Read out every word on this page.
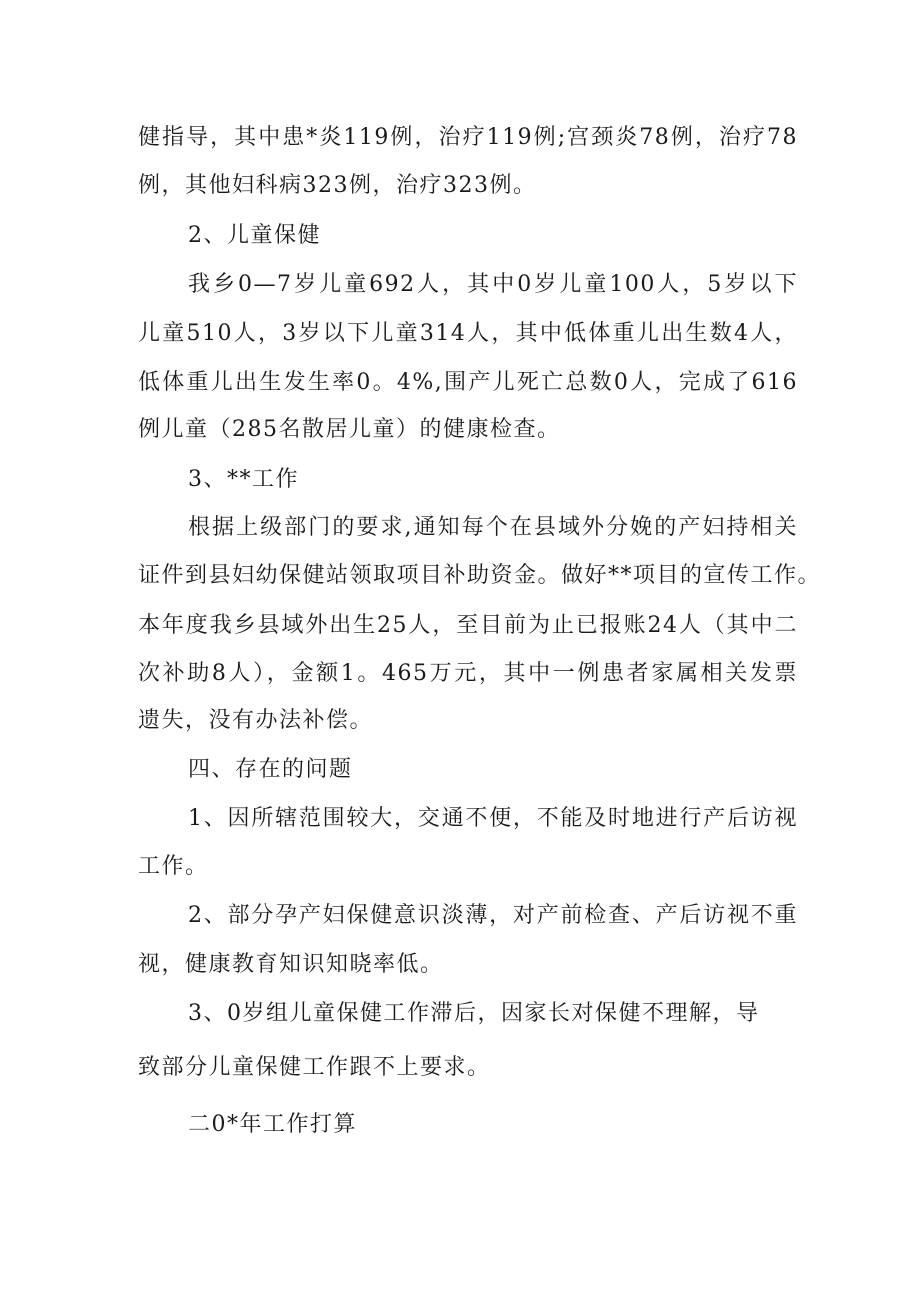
健指导，其中患*炎119例，治疗119例;宫颈炎78例，治疗78
例，其他妇科病323例，治疗323例。
2、儿童保健
我乡0—7岁儿童692人，其中0岁儿童100人，5岁以下
儿童510人，3岁以下儿童314人，其中低体重儿出生数4人，
低体重儿出生发生率0。4%,围产儿死亡总数0人，完成了616
例儿童（285名散居儿童）的健康检查。
3、**工作
根据上级部门的要求,通知每个在县域外分娩的产妇持相关
证件到县妇幼保健站领取项目补助资金。做好**项目的宣传工作。
本年度我乡县域外出生25人，至目前为止已报账24人（其中二
次补助8人），金额1。465万元，其中一例患者家属相关发票
遗失，没有办法补偿。
四、存在的问题
1、因所辖范围较大，交通不便，不能及时地进行产后访视
工作。
2、部分孕产妇保健意识淡薄，对产前检查、产后访视不重
视，健康教育知识知晓率低。
3、0岁组儿童保健工作滞后，因家长对保健不理解，导
致部分儿童保健工作跟不上要求。
二0*年工作打算
